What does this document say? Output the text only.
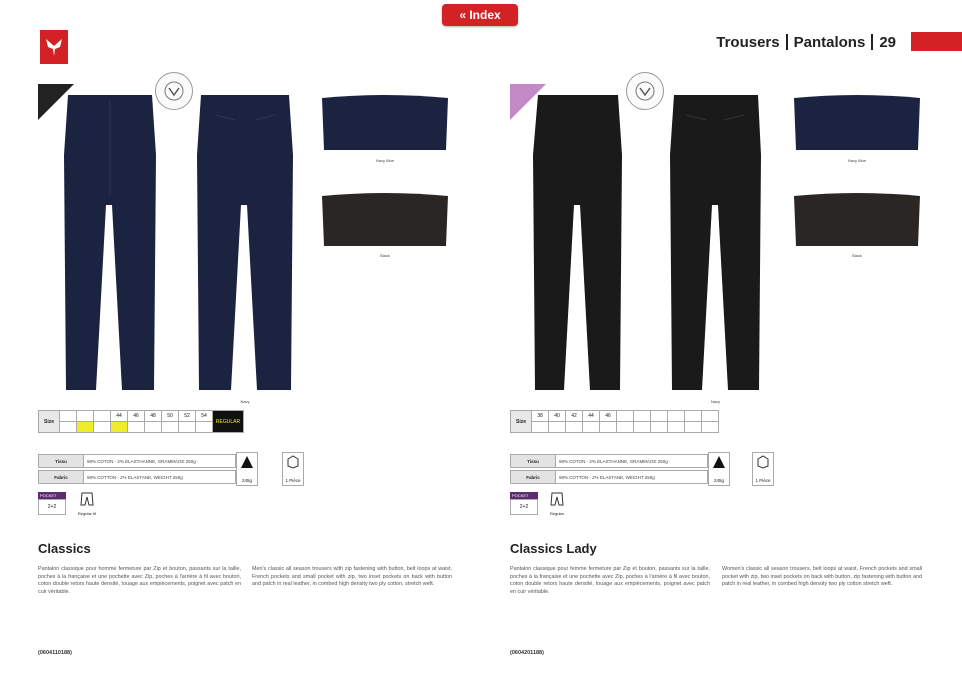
« Index
Trousers Pantalons 29
Navy Blue
Black
Navy
Size				44	46	48	50	52	54	REGULAR

Tissu	98% COTON - 2% ELASTHANNE, GRAMMAGE 250g
Fabric	98% COTTON - 2% ELASTANE, WEIGHT 250g
245g	1 Pièce
POCKET
2+2
Regular fit
Classics
Pantalon classique pour homme fermeture par Zip et bouton, passants sur la taille, poches à la française et une pochette avec Zip, poches à l'arrière à fil avec bouton, coton double retors haute densité, touage aux empiècements, poignet avec patch en cuir véritable.
Men's classic all season trousers with zip fastening with button, belt loops at waist, French pockets and small pocket with zip, two inset pockets on back with button and patch in real leather, in combed high density two ply cotton, stretch weft.
(0604110188)
Navy Blue
Black
Navy
Size	38	40	42	44	46						

Tissu	98% COTON - 2% ELASTHANNE, GRAMMAGE 250g
Fabric	98% COTTON - 2% ELASTANE, WEIGHT 250g
245g	1 Pièce
POCKET
2+2
Regular
Classics Lady
Pantalon classique pour femme fermeture par Zip et bouton, passants sur la taille, poches à la française et une pochette avec Zip, poches à l'arrière à fil avec bouton, coton double retors haute densité, touage aux empiècements, poignet avec patch en cuir véritable.
Women's classic all season trousers, belt loops at waist, French pockets and small pocket with zip, two inset pockets on back with button, zip fastening with button and patch in real leather, in combed high density two ply cotton stretch weft.
(0604201188)
